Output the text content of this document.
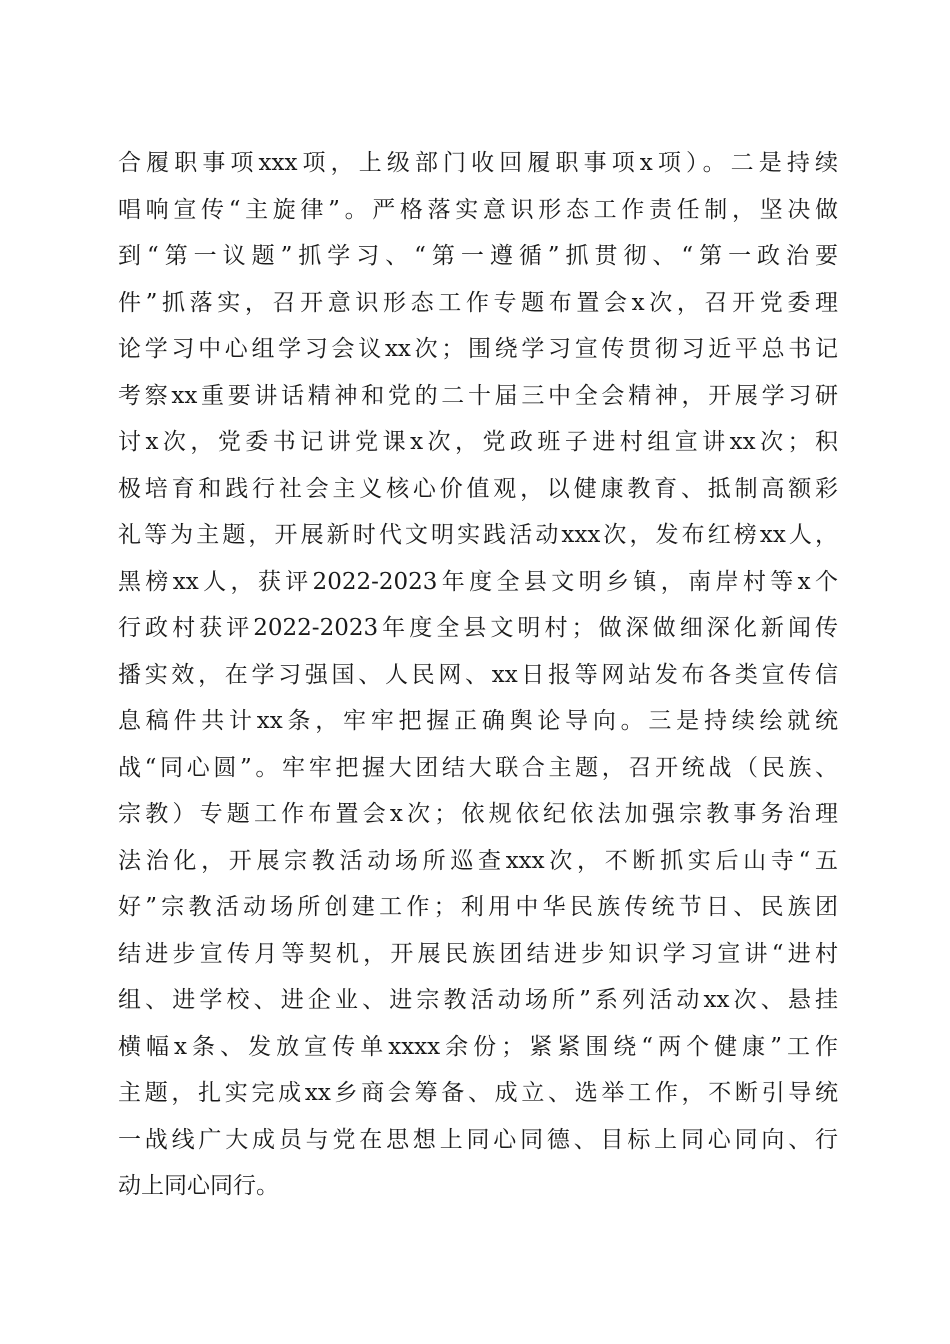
合履职事项xxx项，上级部门收回履职事项x项）。二是持续
唱响宣传“主旋律”。严格落实意识形态工作责任制，坚决做
到“第一议题”抓学习、“第一遵循”抓贯彻、“第一政治要
件”抓落实，召开意识形态工作专题布置会x次，召开党委理
论学习中心组学习会议xx次；围绕学习宣传贯彻习近平总书记
考察xx重要讲话精神和党的二十届三中全会精神，开展学习研
讨x次，党委书记讲党课x次，党政班子进村组宣讲xx次；积
极培育和践行社会主义核心价值观，以健康教育、抵制高额彩
礼等为主题，开展新时代文明实践活动xxx次，发布红榜xx人，
黑榜xx人，获评2022-2023年度全县文明乡镇，南岸村等x个
行政村获评2022-2023年度全县文明村；做深做细深化新闻传
播实效，在学习强国、人民网、xx日报等网站发布各类宣传信
息稿件共计xx条，牢牢把握正确舆论导向。三是持续绘就统
战“同心圆”。牢牢把握大团结大联合主题，召开统战（民族、
宗教）专题工作布置会x次；依规依纪依法加强宗教事务治理
法治化，开展宗教活动场所巡查xxx次，不断抓实后山寺“五
好”宗教活动场所创建工作；利用中华民族传统节日、民族团
结进步宣传月等契机，开展民族团结进步知识学习宣讲“进村
组、进学校、进企业、进宗教活动场所”系列活动xx次、悬挂
横幅x条、发放宣传单xxxx余份；紧紧围绕“两个健康”工作
主题，扎实完成xx乡商会筹备、成立、选举工作，不断引导统
一战线广大成员与党在思想上同心同德、目标上同心同向、行
动上同心同行。
